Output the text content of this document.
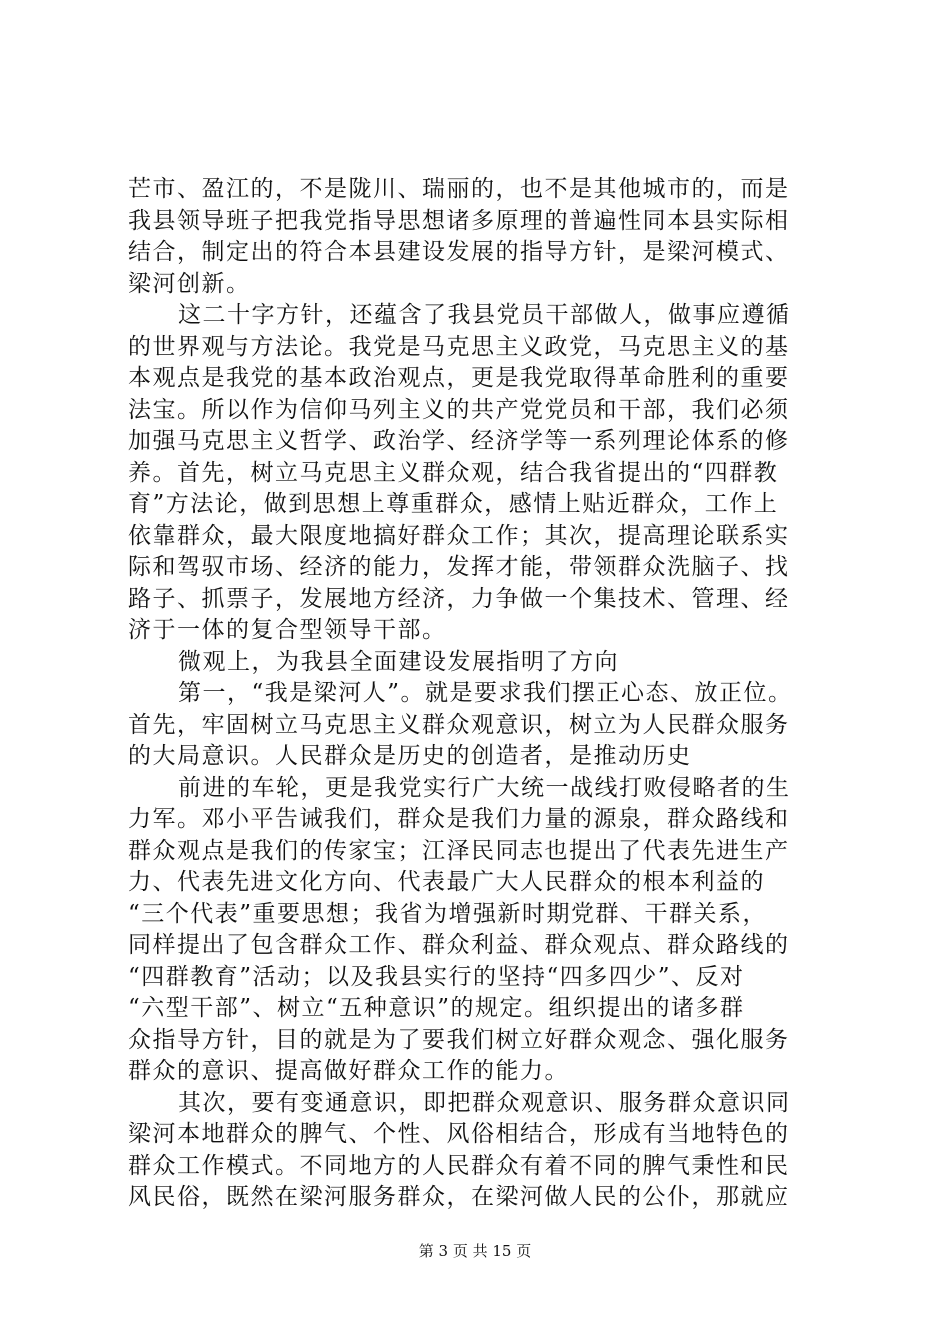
芒市、盈江的，不是陇川、瑞丽的，也不是其他城市的，而是
我县领导班子把我党指导思想诸多原理的普遍性同本县实际相
结合，制定出的符合本县建设发展的指导方针，是梁河模式、
梁河创新。
这二十字方针，还蕴含了我县党员干部做人，做事应遵循
的世界观与方法论。我党是马克思主义政党，马克思主义的基
本观点是我党的基本政治观点，更是我党取得革命胜利的重要
法宝。所以作为信仰马列主义的共产党党员和干部，我们必须
加强马克思主义哲学、政治学、经济学等一系列理论体系的修
养。首先，树立马克思主义群众观，结合我省提出的“四群教
育”方法论，做到思想上尊重群众，感情上贴近群众，工作上
依靠群众，最大限度地搞好群众工作；其次，提高理论联系实
际和驾驭市场、经济的能力，发挥才能，带领群众洗脑子、找
路子、抓票子，发展地方经济，力争做一个集技术、管理、经
济于一体的复合型领导干部。
微观上，为我县全面建设发展指明了方向
第一，“我是梁河人”。就是要求我们摆正心态、放正位。
首先，牢固树立马克思主义群众观意识，树立为人民群众服务
的大局意识。人民群众是历史的创造者，是推动历史
前进的车轮，更是我党实行广大统一战线打败侵略者的生
力军。邓小平告诫我们，群众是我们力量的源泉，群众路线和
群众观点是我们的传家宝；江泽民同志也提出了代表先进生产
力、代表先进文化方向、代表最广大人民群众的根本利益的
“三个代表”重要思想；我省为增强新时期党群、干群关系，
同样提出了包含群众工作、群众利益、群众观点、群众路线的
“四群教育”活动；以及我县实行的坚持“四多四少”、反对
“六型干部”、树立“五种意识”的规定。组织提出的诸多群
众指导方针，目的就是为了要我们树立好群众观念、强化服务
群众的意识、提高做好群众工作的能力。
其次，要有变通意识，即把群众观意识、服务群众意识同
梁河本地群众的脾气、个性、风俗相结合，形成有当地特色的
群众工作模式。不同地方的人民群众有着不同的脾气秉性和民
风民俗，既然在梁河服务群众，在梁河做人民的公仆，那就应
第 3 页 共 15 页
